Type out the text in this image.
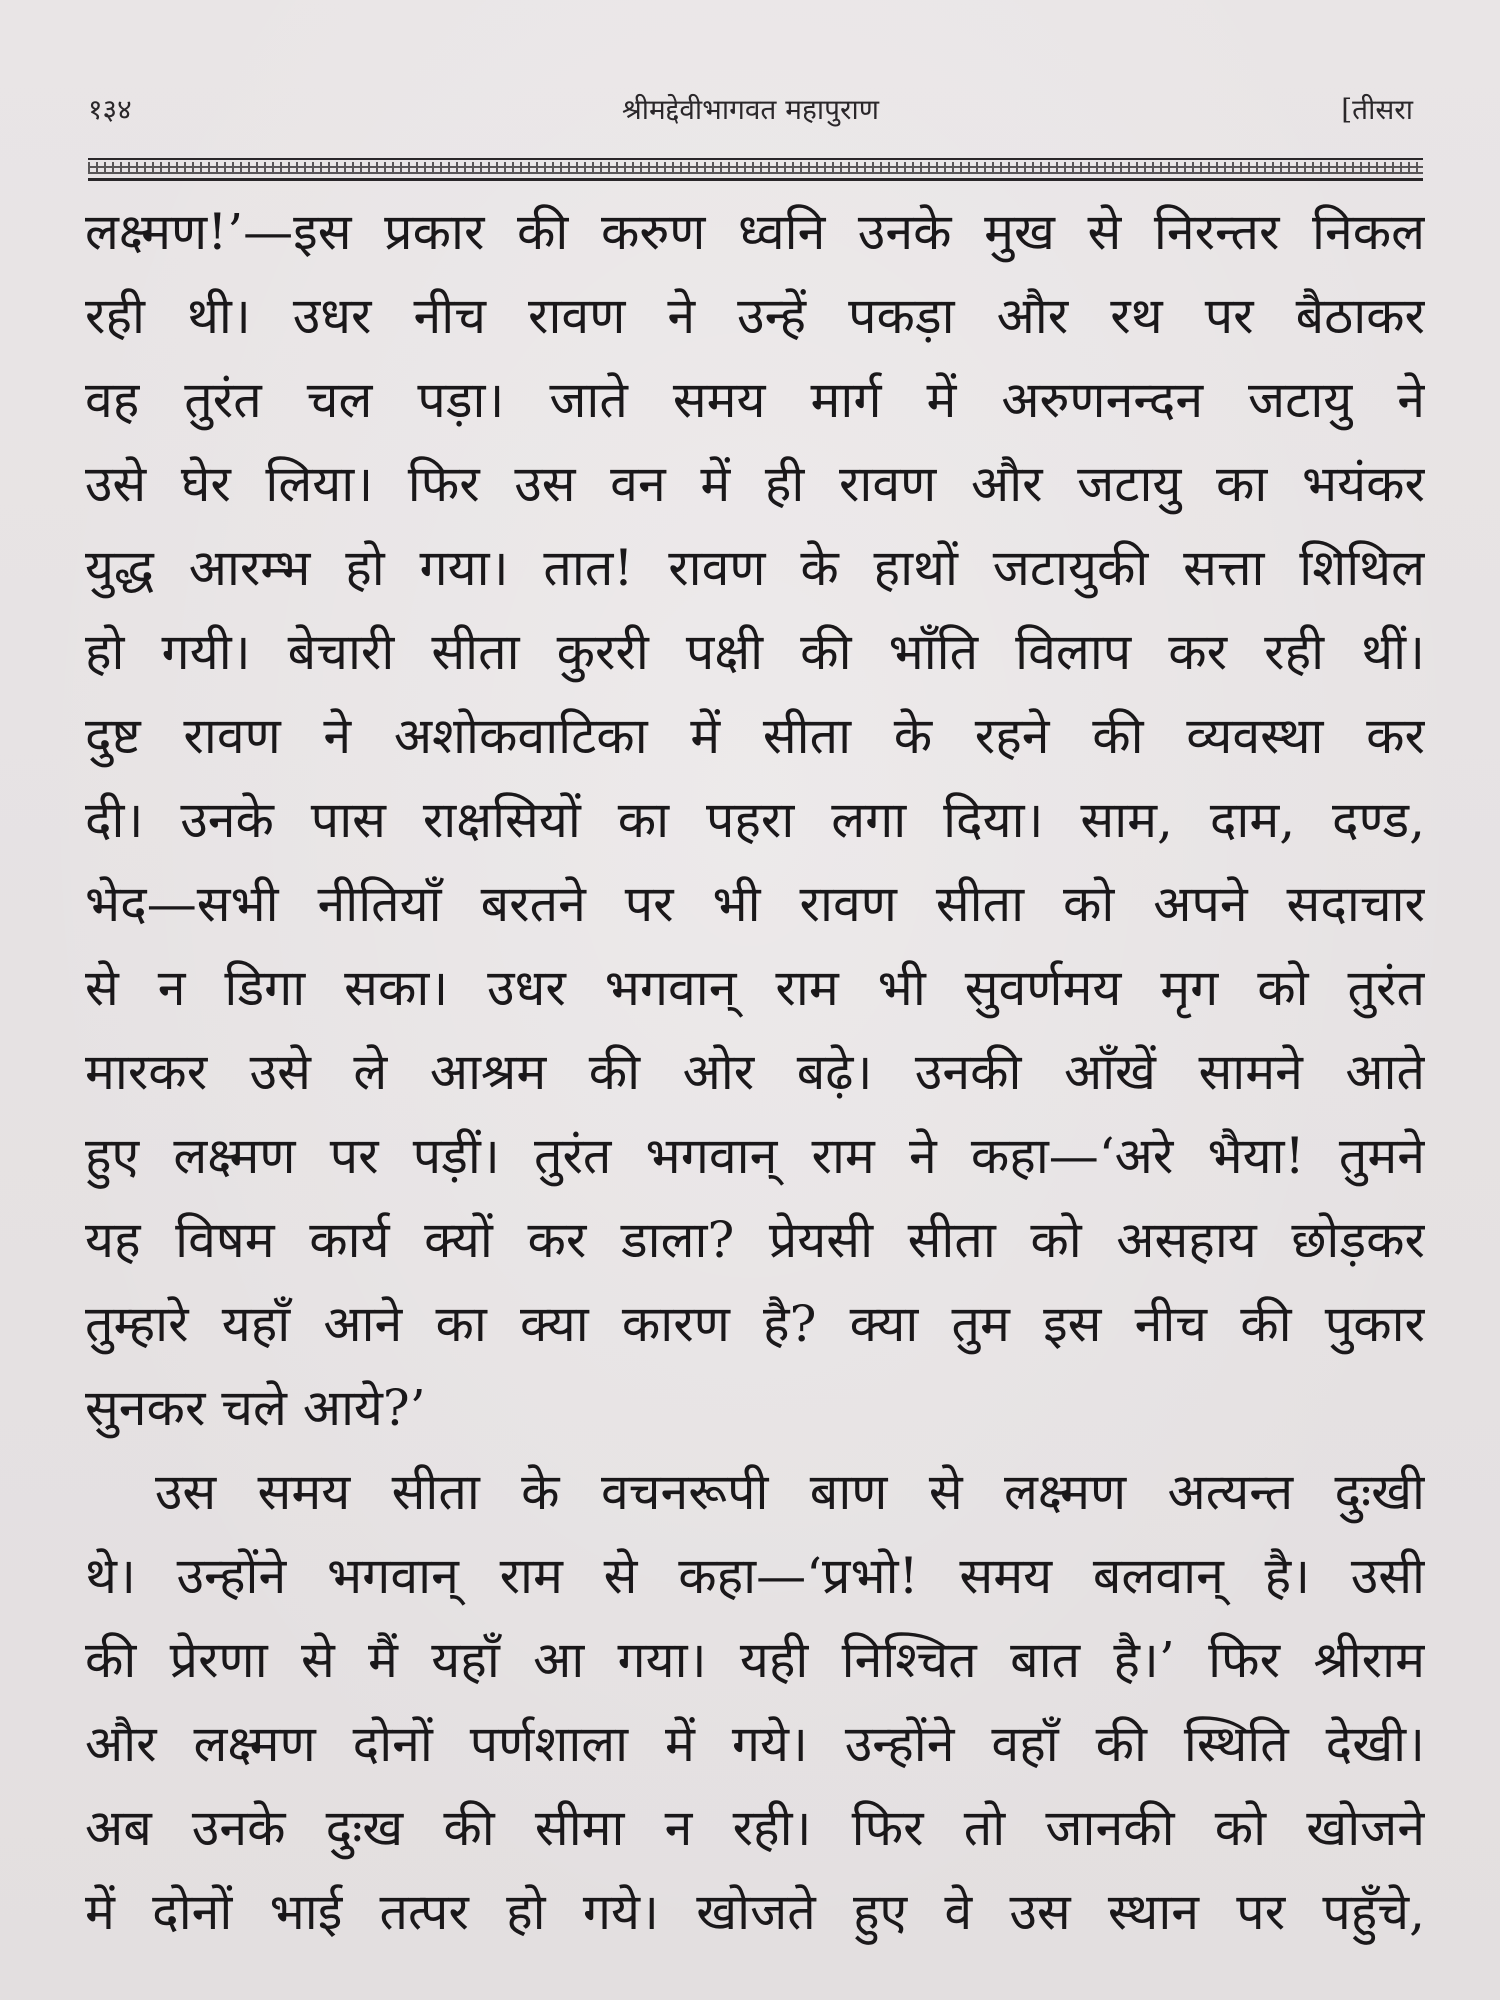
१३४	श्रीमद्देवीभागवत महापुराण	[तीसरा
लक्ष्मण!’—इस प्रकार की करुण ध्वनि उनके मुख से निरन्तर निकल
रही थी। उधर नीच रावण ने उन्हें पकड़ा और रथ पर बैठाकर
वह तुरंत चल पड़ा। जाते समय मार्ग में अरुणनन्दन जटायु ने
उसे घेर लिया। फिर उस वन में ही रावण और जटायु का भयंकर
युद्ध आरम्भ हो गया। तात! रावण के हाथों जटायुकी सत्ता शिथिल
हो गयी। बेचारी सीता कुररी पक्षी की भाँति विलाप कर रही थीं।
दुष्ट रावण ने अशोकवाटिका में सीता के रहने की व्यवस्था कर
दी। उनके पास राक्षसियों का पहरा लगा दिया। साम, दाम, दण्ड,
भेद—सभी नीतियाँ बरतने पर भी रावण सीता को अपने सदाचार
से न डिगा सका। उधर भगवान् राम भी सुवर्णमय मृग को तुरंत
मारकर उसे ले आश्रम की ओर बढ़े। उनकी आँखें सामने आते
हुए लक्ष्मण पर पड़ीं। तुरंत भगवान् राम ने कहा—‘अरे भैया! तुमने
यह विषम कार्य क्यों कर डाला? प्रेयसी सीता को असहाय छोड़कर
तुम्हारे यहाँ आने का क्या कारण है? क्या तुम इस नीच की पुकार
सुनकर चले आये?’
उस समय सीता के वचनरूपी बाण से लक्ष्मण अत्यन्त दुःखी
थे। उन्होंने भगवान् राम से कहा—‘प्रभो! समय बलवान् है। उसी
की प्रेरणा से मैं यहाँ आ गया। यही निश्चित बात है।’ फिर श्रीराम
और लक्ष्मण दोनों पर्णशाला में गये। उन्होंने वहाँ की स्थिति देखी।
अब उनके दुःख की सीमा न रही। फिर तो जानकी को खोजने
में दोनों भाई तत्पर हो गये। खोजते हुए वे उस स्थान पर पहुँचे,
